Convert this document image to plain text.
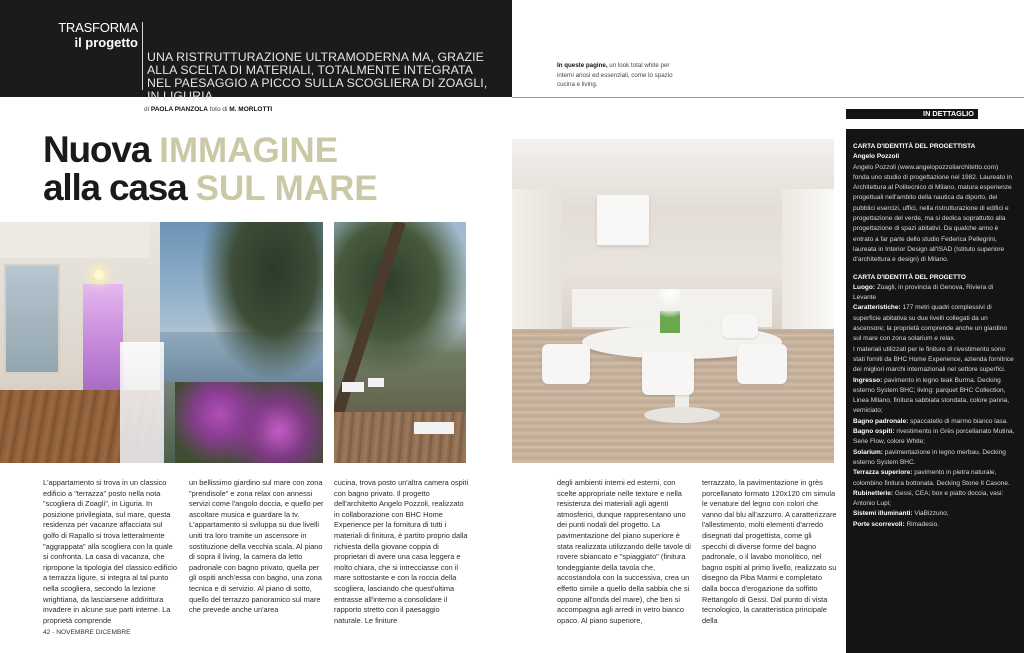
TRASFORMA
il progetto
UNA RISTRUTTURAZIONE ULTRAMODERNA MA, GRAZIE ALLA SCELTA DI MATERIALI, TOTALMENTE INTEGRATA NEL PAESAGGIO A PICCO SULLA SCOGLIERA DI ZOAGLI, IN LIGURIA
In queste pagine, un look total white per interni ariosi ed essenziali, come lo spazio cucina e living.
di PAOLA PIANZOLA foto di M. MORLOTTI
Nuova IMMAGINE
alla casa SUL MARE
L'appartamento si trova in un classico edificio a "terrazza" posto nella nota "scogliera di Zoagli", in Liguria. In posizione privilegiata, sul mare, questa residenza per vacanze affacciata sul golfo di Rapallo si trova letteralmente "aggrappata" alla scogliera con la quale si confronta. La casa di vacanza, che ripropone la tipologia del classico edificio a terrazza ligure, si integra al tal punto nella scogliera, secondo la lezione wrightiana, da lasciarsene addirittura invadere in alcune sue parti interne. La proprietà comprende
un bellissimo giardino sul mare con zona "prendisole" e zona relax con annessi servizi come l'angolo doccia, e quello per ascoltare musica e guardare la tv. L'appartamento si sviluppa su due livelli uniti tra loro tramite un ascensore in sostituzione della vecchia scala. Al piano di sopra il living, la camera da letto padronale con bagno privato, quella per gli ospiti anch'essa con bagno, una zona tecnica e di servizio. Al piano di sotto, quello del terrazzo panoramico sul mare che prevede anche un'area
cucina, trova posto un'altra camera ospiti con bagno privato. Il progetto dell'architetto Angelo Pozzoli, realizzato in collaborazione con BHC Home Experience per la fornitura di tutti i materiali di finitura, è partito proprio dalla richiesta della giovane coppia di proprietari di avere una casa leggera e molto chiara, che si intrecciasse con il mare sottostante e con la roccia della scogliera, lasciando che quest'ultima entrasse all'interno a consolidare il rapporto stretto con il paesaggio naturale. Le finiture
degli ambienti interni ed esterni, con scelte appropriate nelle texture e nella resistenza dei materiali agli agenti atmosferici, dunque rappresentano uno dei punti nodali del progetto. La pavimentazione del piano superiore è stata realizzata utilizzando delle tavole di rovere sbiancato e "spiaggiato" (finitura tondeggiante della tavola che, accostandola con la successiva, crea un effetto simile a quello della sabbia che si oppone all'onda del mare), che ben si accompagna agli arredi in vetro bianco opaco. Al piano superiore,
terrazzato, la pavimentazione in grès porcellanato formato 120x120 cm simula le venature del legno con colori che vanno dal blu all'azzurro. A caratterizzare l'allestimento, molti elementi d'arredo disegnati dal progettista, come gli specchi di diverse forme del bagno padronale, o il lavabo monolitico, nel bagno ospiti al primo livello, realizzato su disegno da Piba Marmi e completato dalla bocca d'erogazione da soffitto Rettangolo di Gessi. Dal punto di vista tecnologico, la caratteristica principale della
42 - NOVEMBRE DICEMBRE
IN DETTAGLIO
CARTA D'IDENTITÀ DEL PROGETTISTA
Angelo Pozzoli

Angelo Pozzoli (www.angelopozzoliarchitetto.com) fonda uno studio di progettazione nel 1982. Laureato in Architettura al Politecnico di Milano, matura esperienze progettuali nell'ambito della nautica da diporto, dei pubblici esercizi, uffici, nella ristrutturazione di edifici e progettazione del verde, ma si dedica soprattutto alla progettazione di spazi abitativi. Da qualche anno è entrato a far parte dello studio Federica Pellegrini, laureata in Interior Design all'ISAD (Istituto superiore d'architettura e design) di Milano.

CARTA D'IDENTITÀ DEL PROGETTO

Luogo: Zoagli, in provincia di Genova, Riviera di Levante

Caratteristiche: 177 metri quadri complessivi di superficie abitativa su due livelli collegati da un ascensore; la proprietà comprende anche un giardino sul mare con zona solarium e relax.

I materiali utilizzati per le finiture di rivestimento sono stati forniti da BHC Home Experience, azienda fornitrice dei migliori marchi internazionali nel settore superfici.

Ingresso: pavimento in legno teak Burma. Decking esterno System BHC; living: parquet BHC Collection, Linea Milano, finitura sabbiata stondata, colore panna, verniciato;

Bagno padronale: spaccatello di marmo bianco lasa.

Bagno ospiti: rivestimento in Grès porcellanato Mutina, Serie Flow, colore White;

Solarium: pavimentazione in legno merbau. Decking esterno System BHC.

Terrazza superiore: pavimento in pietra naturale, colombino finitura bottonata. Decking Stone Il Casone.

Rubinetterie: Gessi, CEA; box e piatto doccia, vasi: Antonio Lupi;

Sistemi illuminanti: ViaBizzuno;

Porte scorrevoli: Rimadesio.
